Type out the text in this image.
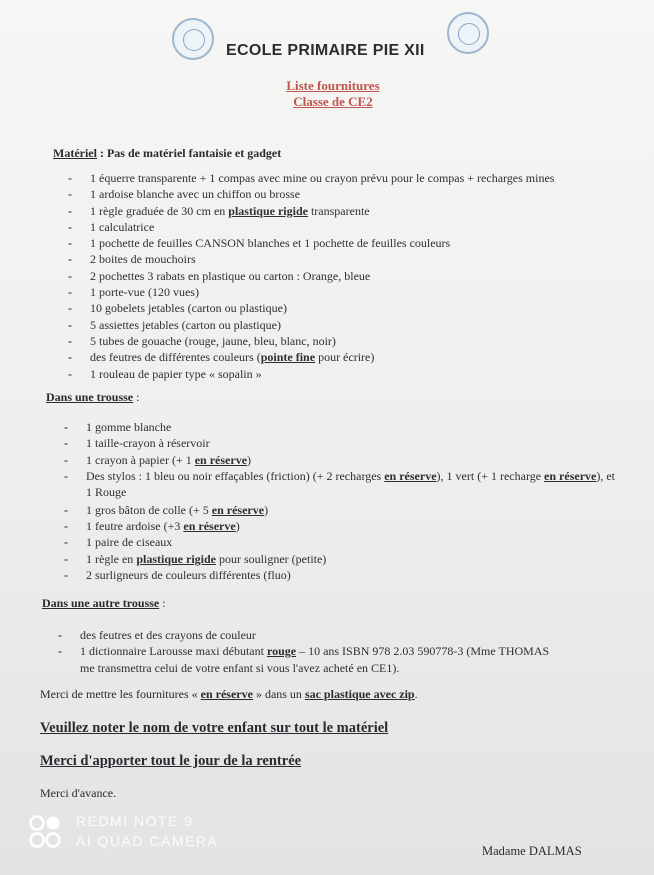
ECOLE PRIMAIRE PIE XII
Liste fournitures
Classe de CE2
Matériel : Pas de matériel fantaisie et gadget
- 1 équerre transparente + 1 compas avec mine ou crayon prévu pour le compas + recharges mines
- 1 ardoise blanche avec un chiffon ou brosse
- 1 règle graduée de 30 cm en plastique rigide transparente
- 1 calculatrice
- 1 pochette de feuilles CANSON blanches et 1 pochette de feuilles couleurs
- 2 boites de mouchoirs
- 2 pochettes 3 rabats en plastique ou carton : Orange, bleue
- 1 porte-vue (120 vues)
- 10 gobelets jetables (carton ou plastique)
- 5 assiettes jetables (carton ou plastique)
- 5 tubes de gouache (rouge, jaune, bleu, blanc, noir)
- des feutres de différentes couleurs (pointe fine pour écrire)
- 1 rouleau de papier type « sopalin »
Dans une trousse :
- 1 gomme blanche
- 1 taille-crayon à réservoir
- 1 crayon à papier (+ 1 en réserve)
- Des stylos : 1 bleu ou noir effaçables (friction) (+ 2 recharges en réserve), 1 vert (+ 1 recharge en réserve), et 1 Rouge
- 1 gros bâton de colle (+ 5 en réserve)
- 1 feutre ardoise (+3 en réserve)
- 1 paire de ciseaux
- 1 règle en plastique rigide pour souligner (petite)
- 2 surligneurs de couleurs différentes (fluo)
Dans une autre trousse :
- des feutres et des crayons de couleur
- 1 dictionnaire Larousse maxi débutant rouge – 10 ans ISBN 978 2.03 590778-3 (Mme THOMAS me transmettra celui de votre enfant si vous l'avez acheté en CE1).
Merci de mettre les fournitures « en réserve » dans un sac plastique avec zip.
Veuillez noter le nom de votre enfant sur tout le matériel
Merci d'apporter tout le jour de la rentrée
Merci d'avance.
Madame DALMAS
REDMI NOTE 9
AI QUAD CAMERA
